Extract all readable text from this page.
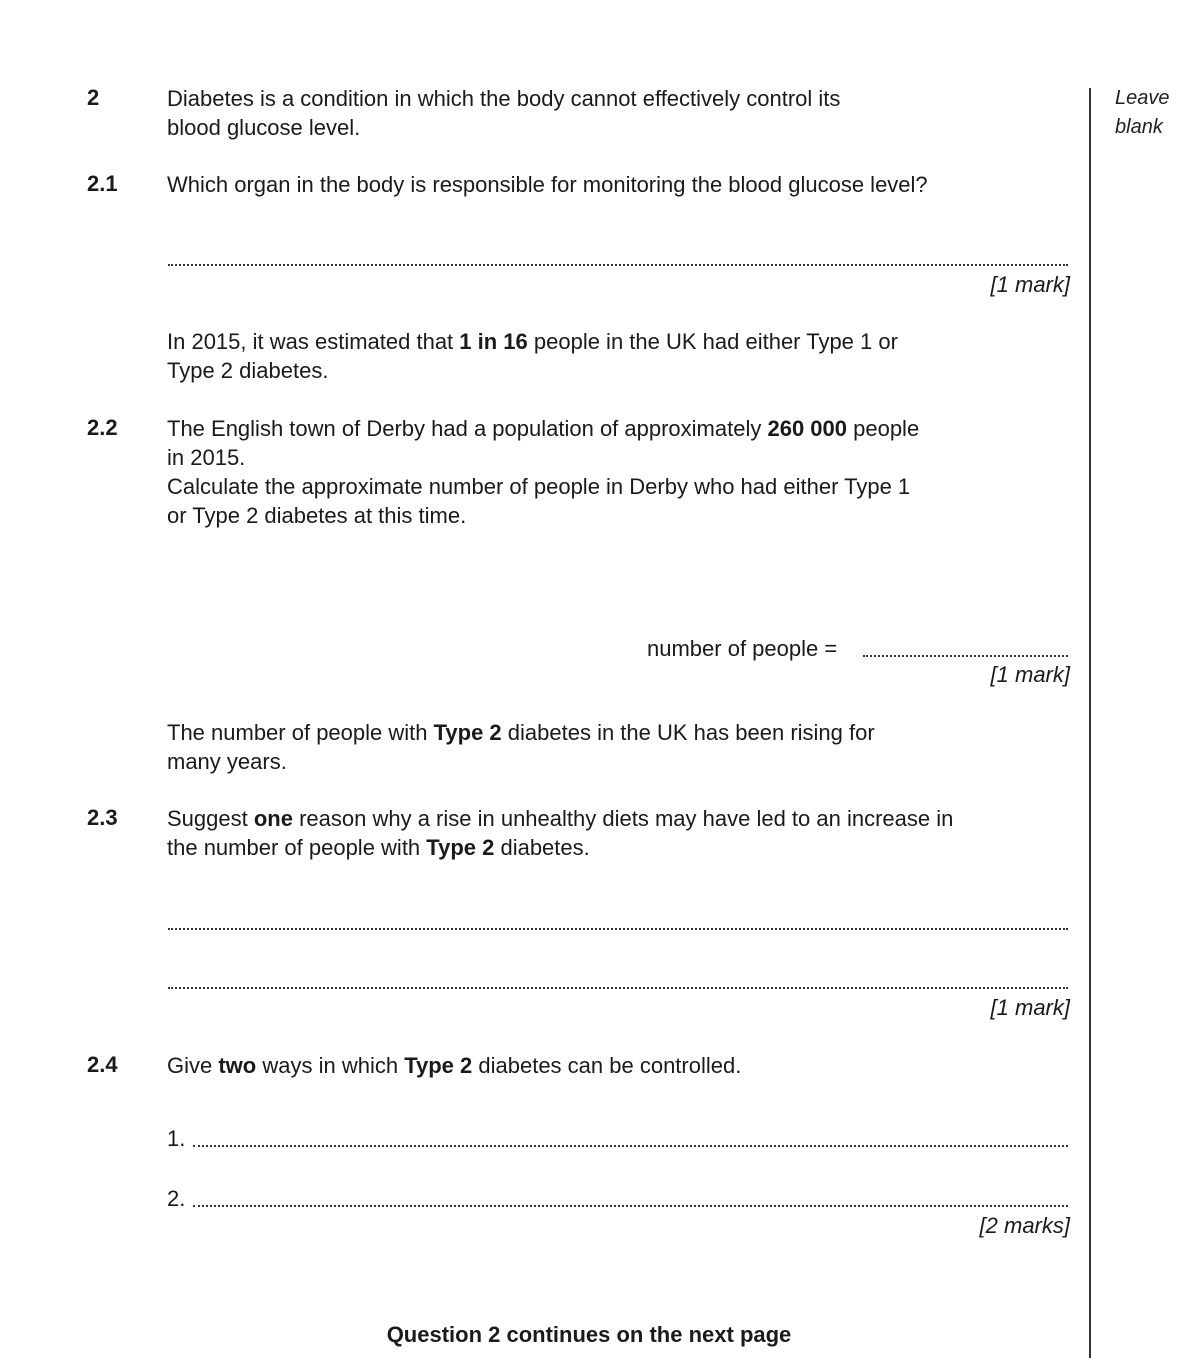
Leave
blank
2	Diabetes is a condition in which the body cannot effectively control its
blood glucose level.
2.1 Which organ in the body is responsible for monitoring the blood glucose level?
[1 mark]
In 2015, it was estimated that 1 in 16 people in the UK had either Type 1 or
Type 2 diabetes.
2.2 The English town of Derby had a population of approximately 260 000 people
in 2015.
Calculate the approximate number of people in Derby who had either Type 1
or Type 2 diabetes at this time.
number of people =
[1 mark]
The number of people with Type 2 diabetes in the UK has been rising for
many years.
2.3 Suggest one reason why a rise in unhealthy diets may have led to an increase in
the number of people with Type 2 diabetes.
[1 mark]
2.4 Give two ways in which Type 2 diabetes can be controlled.
1.
2.
[2 marks]
Question 2 continues on the next page
